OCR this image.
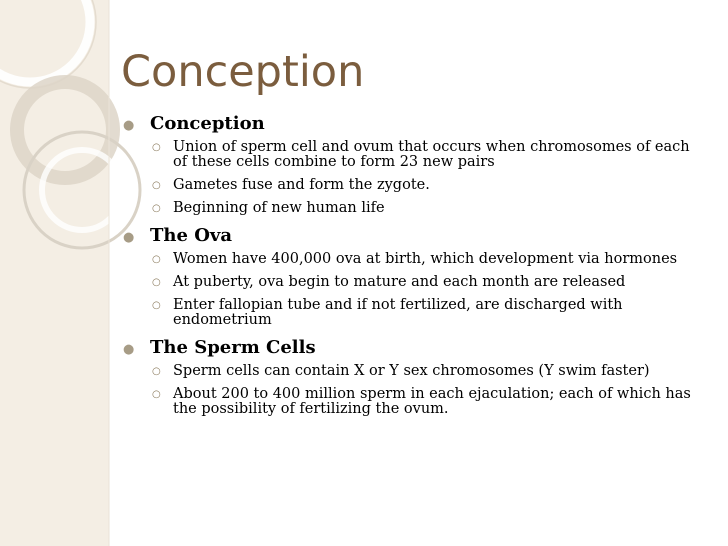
Conception
● Conception
○ Union of sperm cell and ovum that occurs when chromosomes of each of these cells combine to form 23 new pairs
○ Gametes fuse and form the zygote.
○ Beginning of new human life
● The Ova
○ Women have 400,000 ova at birth, which development via hormones
○ At puberty, ova begin to mature and each month are released
○ Enter fallopian tube and if not fertilized, are discharged with endometrium
● The Sperm Cells
○ Sperm cells can contain X or Y sex chromosomes (Y swim faster)
○ About 200 to 400 million sperm in each ejaculation; each of which has the possibility of fertilizing the ovum.
